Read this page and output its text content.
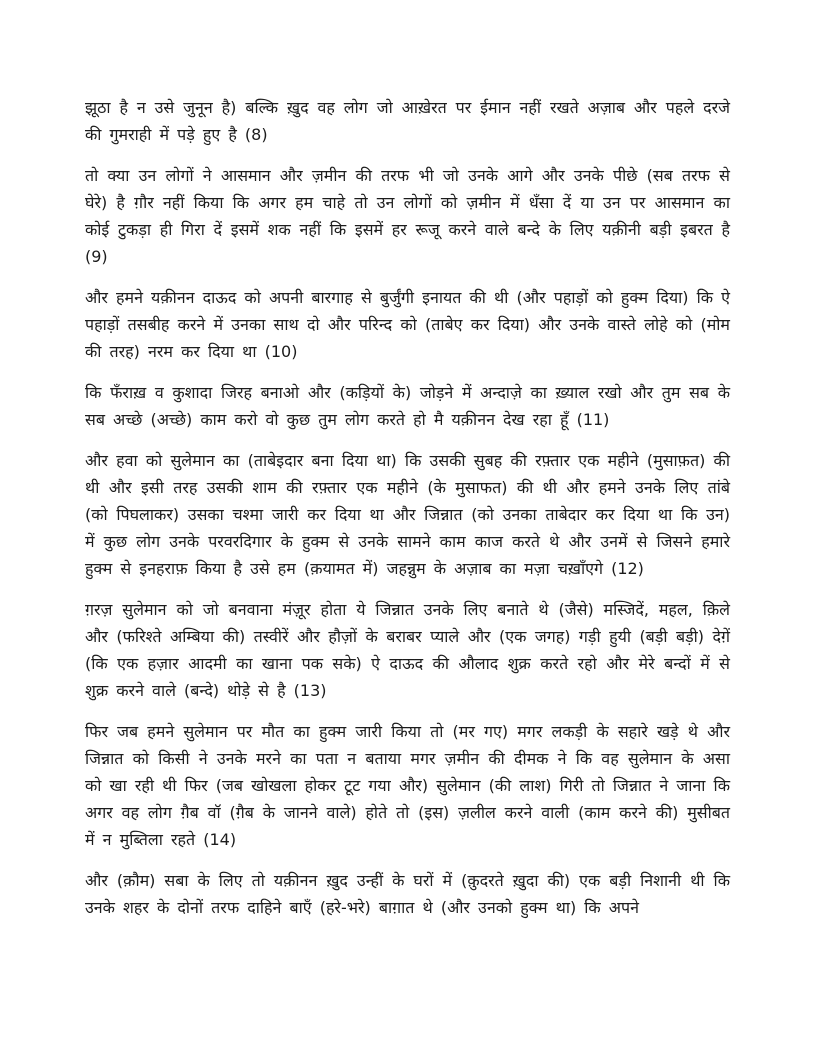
झूठा है न उसे जुनून है) बल्कि ख़ुद वह लोग जो आख़ेरत पर ईमान नहीं रखते अज़ाब और पहले दरजे की गुमराही में पड़े हुए है (8)

तो क्या उन लोगों ने आसमान और ज़मीन की तरफ भी जो उनके आगे और उनके पीछे (सब तरफ से घेरे) है ग़ौर नहीं किया कि अगर हम चाहे तो उन लोगों को ज़मीन में धँसा दें या उन पर आसमान का कोई टुकड़ा ही गिरा दें इसमें शक नहीं कि इसमें हर रूजू करने वाले बन्दे के लिए यक़ीनी बड़ी इबरत है (9)

और हमने यक़ीनन दाऊद को अपनी बारगाह से बुर्जुंगी इनायत की थी (और पहाड़ों को हुक्म दिया) कि ऐ पहाड़ों तसबीह करने में उनका साथ दो और परिन्द को (ताबेए कर दिया) और उनके वास्ते लोहे को (मोम की तरह) नरम कर दिया था (10)

कि फँराख़ व कुशादा जिरह बनाओ और (कड़ियों के) जोड़ने में अन्दाज़े का ख़्याल रखो और तुम सब के सब अच्छे (अच्छे) काम करो वो कुछ तुम लोग करते हो मै यक़ीनन देख रहा हूँ (11)

और हवा को सुलेमान का (ताबेइदार बना दिया था) कि उसकी सुबह की रफ़्तार एक महीने (मुसाफ़त) की थी और इसी तरह उसकी शाम की रफ़्तार एक महीने (के मुसाफत) की थी और हमने उनके लिए तांबे (को पिघलाकर) उसका चश्मा जारी कर दिया था और जिन्नात (को उनका ताबेदार कर दिया था कि उन) में कुछ लोग उनके परवरदिगार के हुक्म से उनके सामने काम काज करते थे और उनमें से जिसने हमारे हुक्म से इनहराफ़ किया है उसे हम (क़यामत में) जहन्नुम के अज़ाब का मज़ा चख़ाँएगे (12)

ग़रज़ सुलेमान को जो बनवाना मंज़ूर होता ये जिन्नात उनके लिए बनाते थे (जैसे) मस्जिदें, महल, क़िले और (फरिश्ते अम्बिया की) तस्वीरें और हौज़ों के बराबर प्याले और (एक जगह) गड़ी हुयी (बड़ी बड़ी) देग़ें (कि एक हज़ार आदमी का खाना पक सके) ऐ दाऊद की औलाद शुक्र करते रहो और मेरे बन्दों में से शुक्र करने वाले (बन्दे) थोड़े से है (13)

फिर जब हमने सुलेमान पर मौत का हुक्म जारी किया तो (मर गए) मगर लकड़ी के सहारे खड़े थे और जिन्नात को किसी ने उनके मरने का पता न बताया मगर ज़मीन की दीमक ने कि वह सुलेमान के असा को खा रही थी फिर (जब खोखला होकर टूट गया और) सुलेमान (की लाश) गिरी तो जिन्नात ने जाना कि अगर वह लोग ग़ैब वॉ (ग़ैब के जानने वाले) होते तो (इस) ज़लील करने वाली (काम करने की) मुसीबत में न मुब्तिला रहते (14)

और (क़ौम) सबा के लिए तो यक़ीनन ख़ुद उन्हीं के घरों में (क़ुदरते ख़ुदा की) एक बड़ी निशानी थी कि उनके शहर के दोनों तरफ दाहिने बाएँ (हरे-भरे) बाग़ात थे (और उनको हुक्म था) कि अपने
